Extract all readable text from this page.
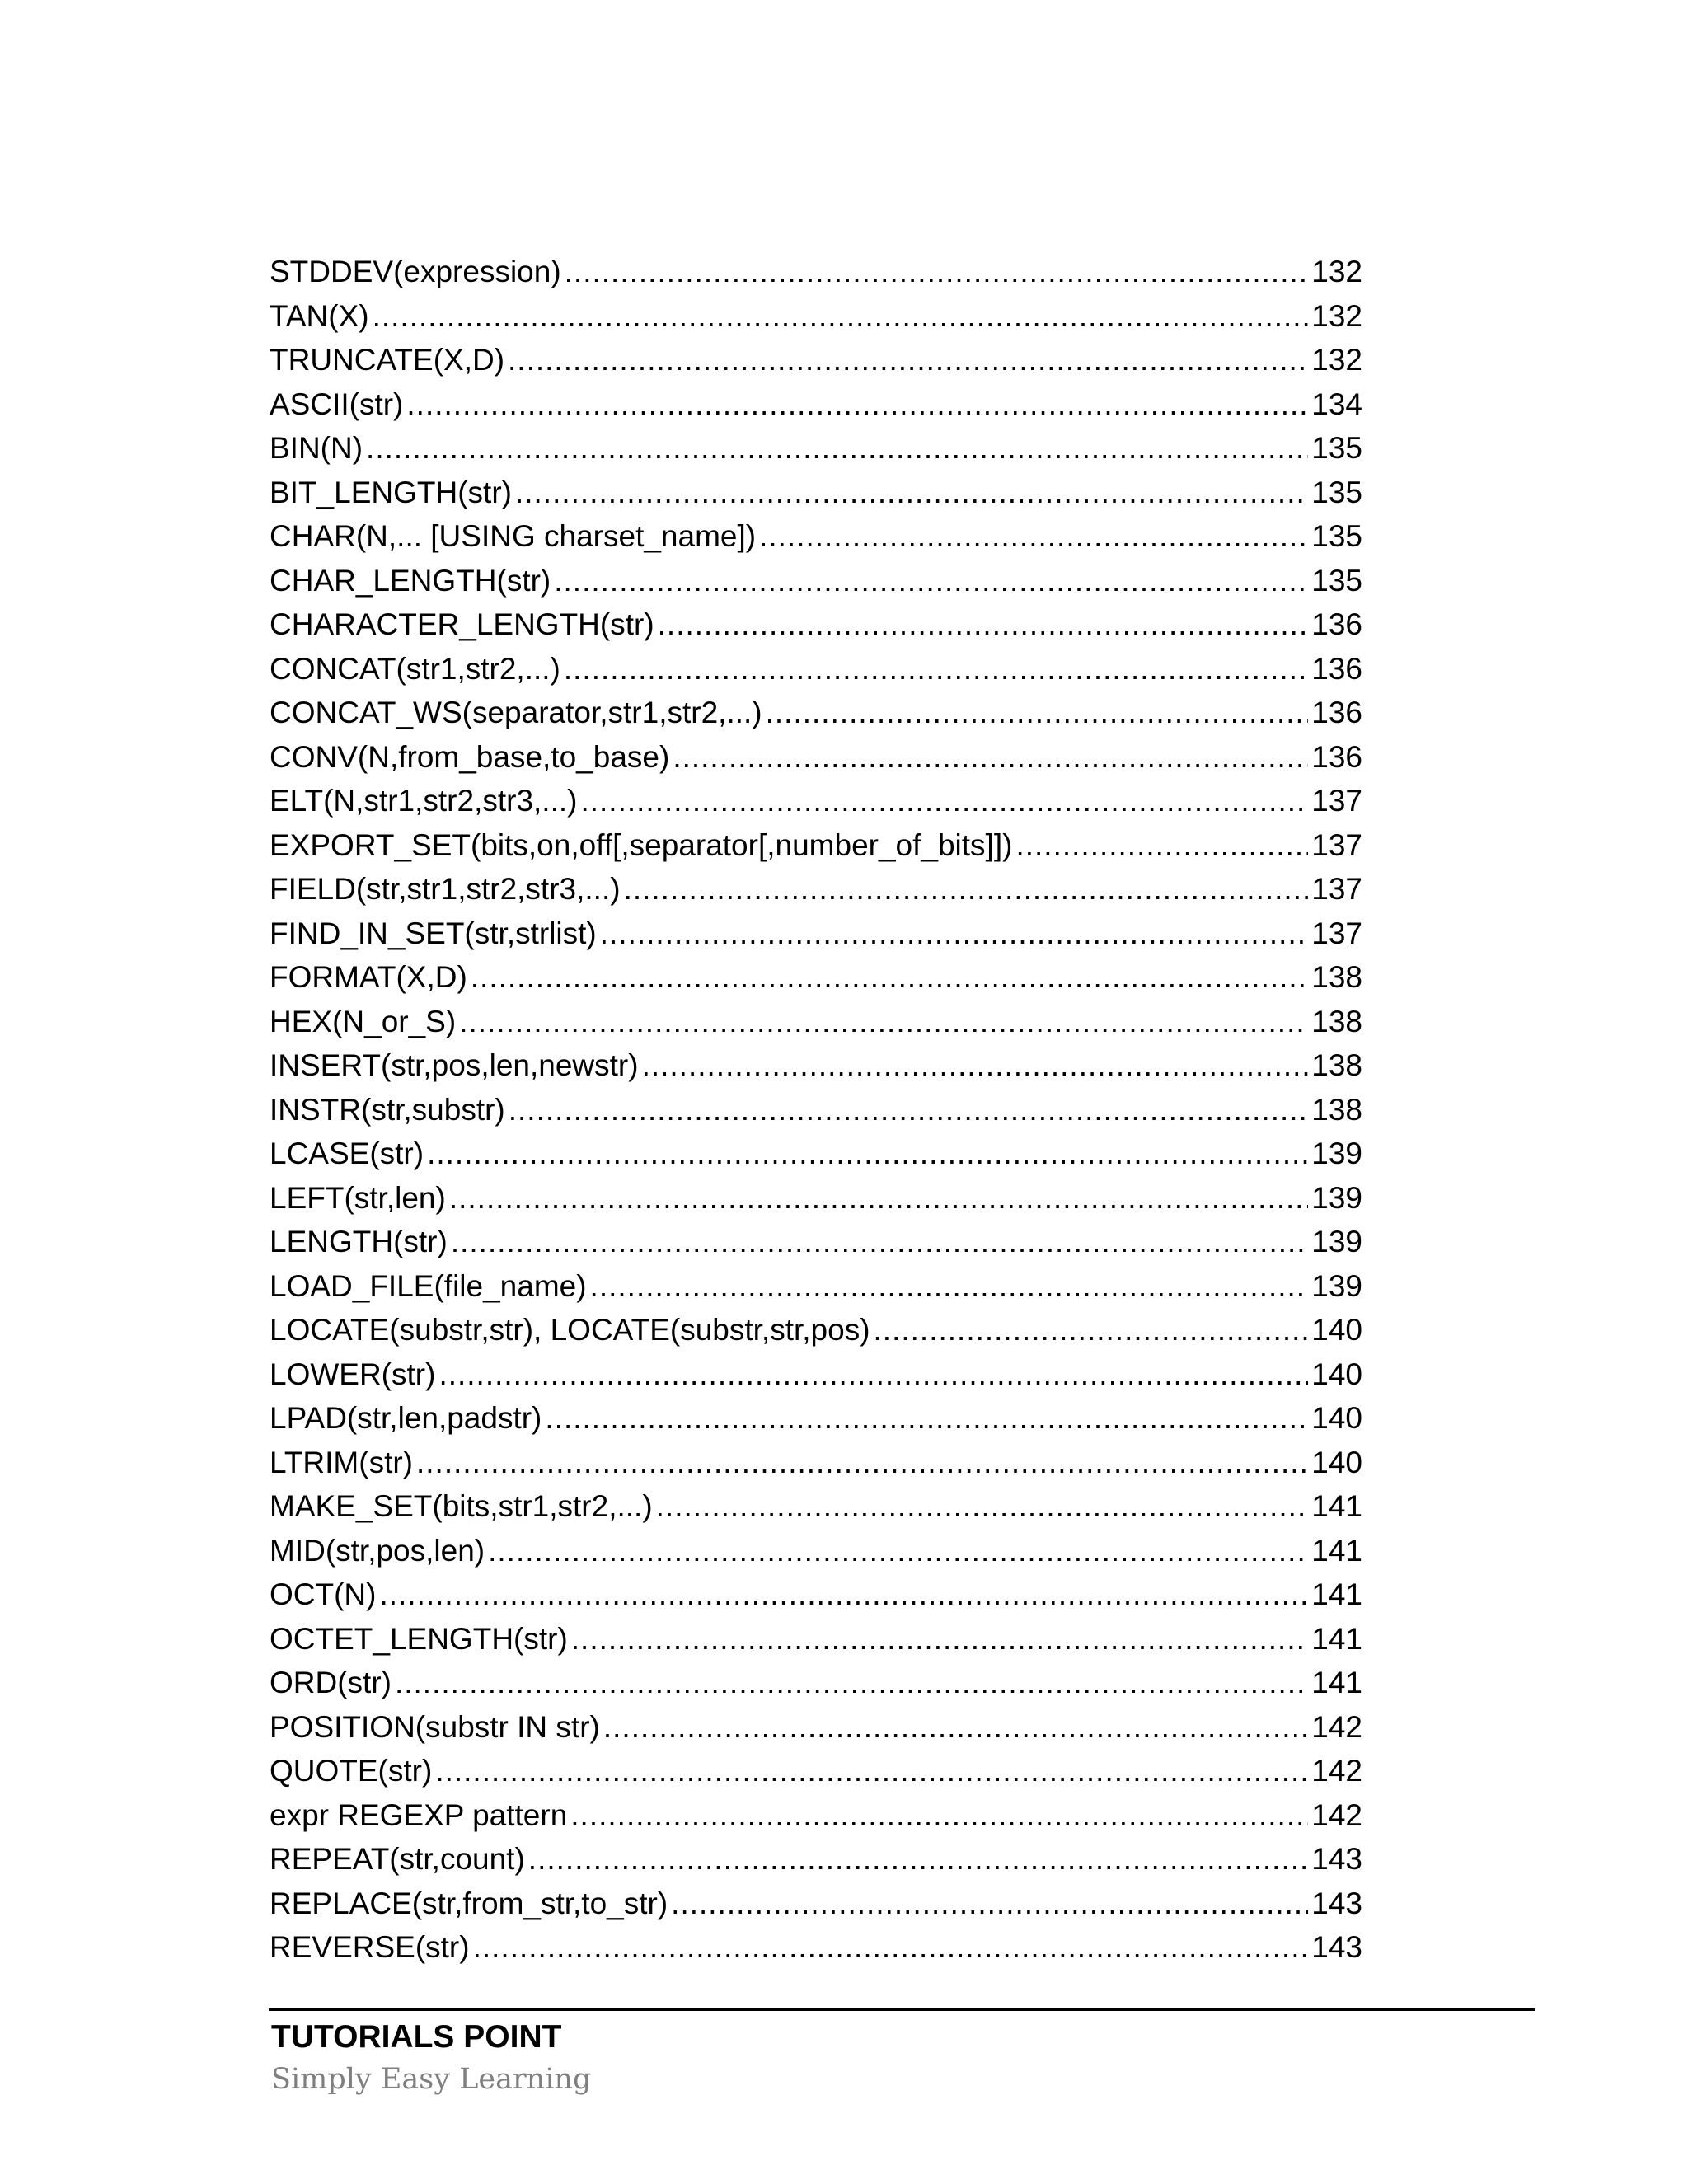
STDDEV(expression) .....	132
TAN(X) .....	132
TRUNCATE(X,D) .....	132
ASCII(str) .....	134
BIN(N) .....	135
BIT_LENGTH(str) .....	135
CHAR(N,... [USING charset_name]) .....	135
CHAR_LENGTH(str) .....	135
CHARACTER_LENGTH(str) .....	136
CONCAT(str1,str2,...) .....	136
CONCAT_WS(separator,str1,str2,...) .....	136
CONV(N,from_base,to_base) .....	136
ELT(N,str1,str2,str3,...) .....	137
EXPORT_SET(bits,on,off[,separator[,number_of_bits]]) .....	137
FIELD(str,str1,str2,str3,...) .....	137
FIND_IN_SET(str,strlist) .....	137
FORMAT(X,D) .....	138
HEX(N_or_S) .....	138
INSERT(str,pos,len,newstr) .....	138
INSTR(str,substr) .....	138
LCASE(str) .....	139
LEFT(str,len) .....	139
LENGTH(str) .....	139
LOAD_FILE(file_name) .....	139
LOCATE(substr,str), LOCATE(substr,str,pos) .....	140
LOWER(str) .....	140
LPAD(str,len,padstr) .....	140
LTRIM(str) .....	140
MAKE_SET(bits,str1,str2,...) .....	141
MID(str,pos,len) .....	141
OCT(N) .....	141
OCTET_LENGTH(str) .....	141
ORD(str) .....	141
POSITION(substr IN str) .....	142
QUOTE(str) .....	142
expr REGEXP pattern .....	142
REPEAT(str,count) .....	143
REPLACE(str,from_str,to_str) .....	143
REVERSE(str) .....	143
TUTORIALS POINT
Simply Easy Learning
